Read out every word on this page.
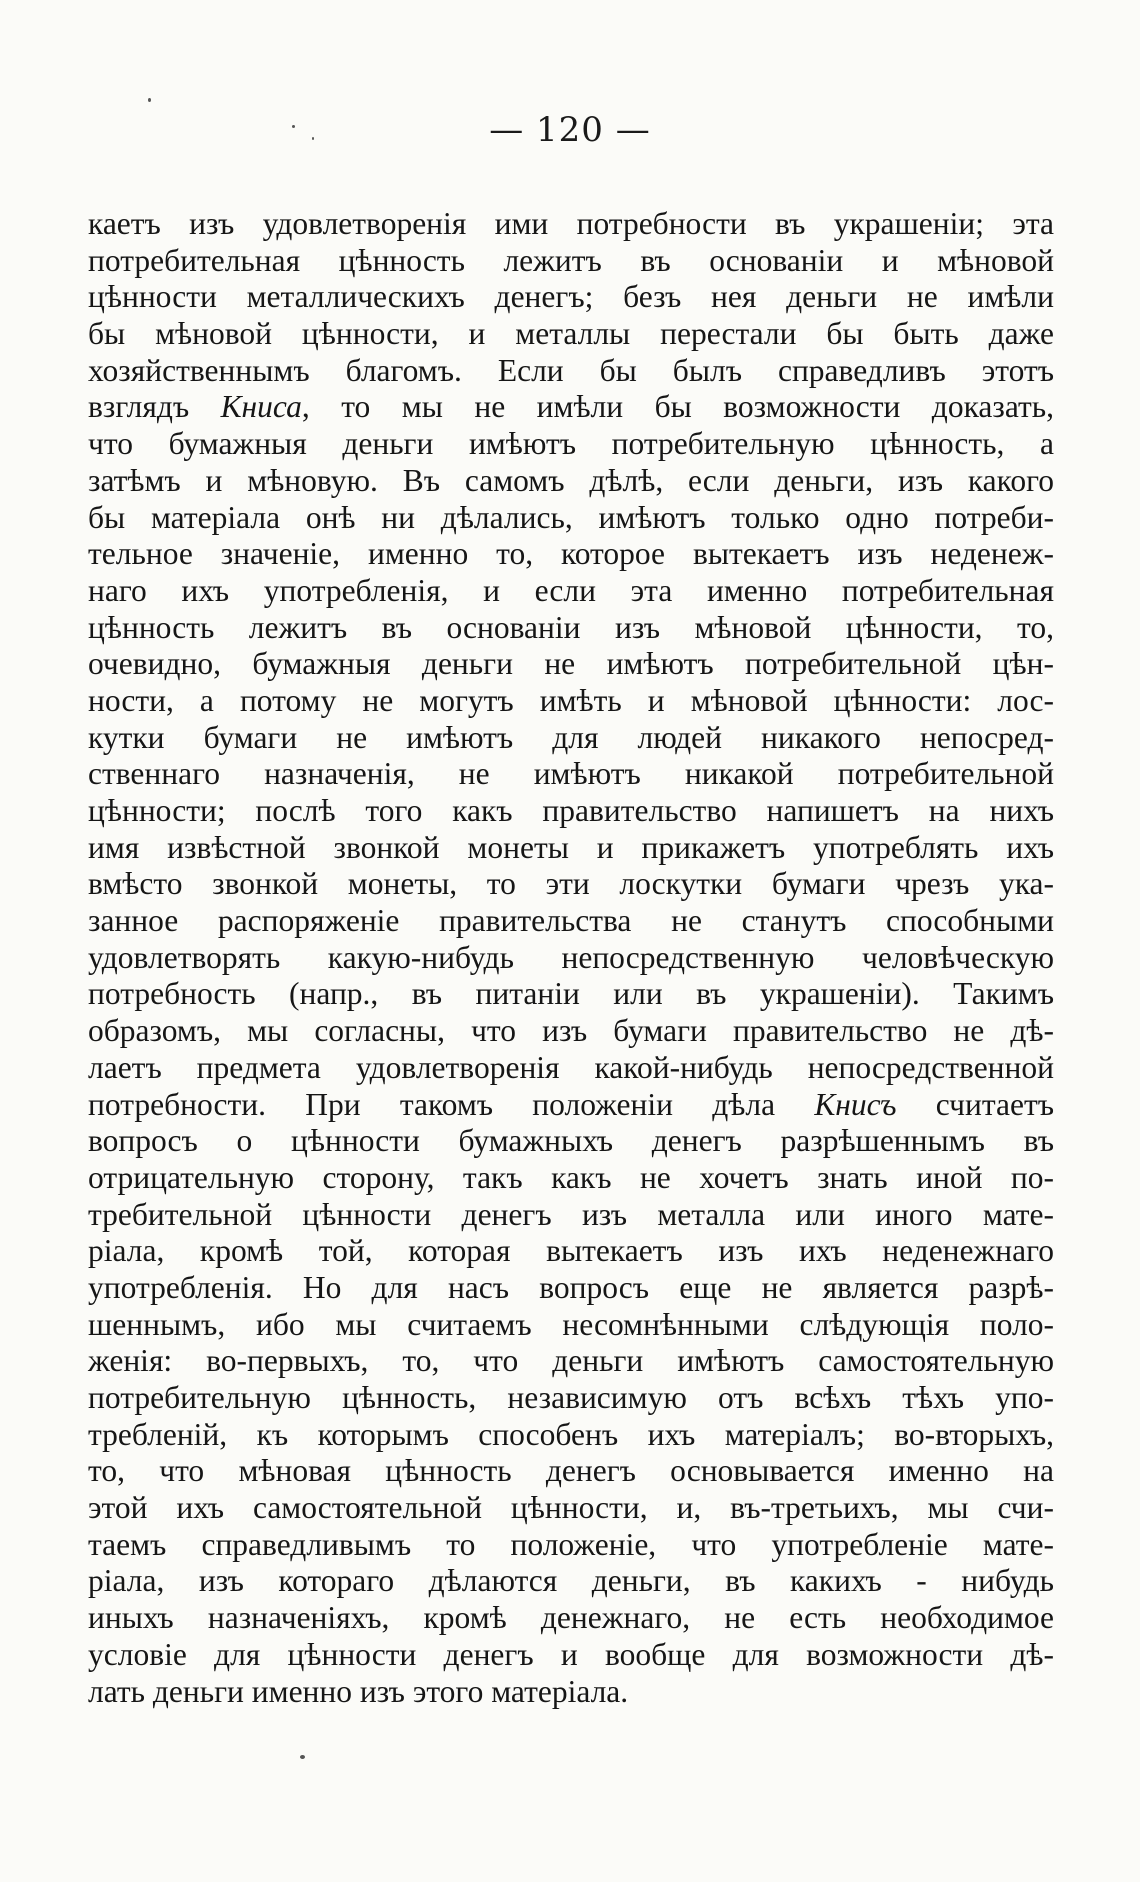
— 120 —
каетъ изъ удовлетворенія ими потребности въ украшеніи; эта
потребительная цѣнность лежитъ въ основаніи и мѣновой
цѣнности металлическихъ денегъ; безъ нея деньги не имѣли
бы мѣновой цѣнности, и металлы перестали бы быть даже
хозяйственнымъ благомъ. Если бы былъ справедливъ этотъ
взглядъ Книса, то мы не имѣли бы возможности доказать,
что бумажныя деньги имѣютъ потребительную цѣнность, а
затѣмъ и мѣновую. Въ самомъ дѣлѣ, если деньги, изъ какого
бы матеріала онѣ ни дѣлались, имѣютъ только одно потреби-
тельное значеніе, именно то, которое вытекаетъ изъ неденеж-
наго ихъ употребленія, и если эта именно потребительная
цѣнность лежитъ въ основаніи изъ мѣновой цѣнности, то,
очевидно, бумажныя деньги не имѣютъ потребительной цѣн-
ности, а потому не могутъ имѣть и мѣновой цѣнности: лос-
кутки бумаги не имѣютъ для людей никакого непосред-
ственнаго назначенія, не имѣютъ никакой потребительной
цѣнности; послѣ того какъ правительство напишетъ на нихъ
имя извѣстной звонкой монеты и прикажетъ употреблять ихъ
вмѣсто звонкой монеты, то эти лоскутки бумаги чрезъ ука-
занное распоряженіе правительства не станутъ способными
удовлетворять какую-нибудь непосредственную человѣческую
потребность (напр., въ питаніи или въ украшеніи). Такимъ
образомъ, мы согласны, что изъ бумаги правительство не дѣ-
лаетъ предмета удовлетворенія какой-нибудь непосредственной
потребности. При такомъ положеніи дѣла Книсъ считаетъ
вопросъ о цѣнности бумажныхъ денегъ разрѣшеннымъ въ
отрицательную сторону, такъ какъ не хочетъ знать иной по-
требительной цѣнности денегъ изъ металла или иного мате-
ріала, кромѣ той, которая вытекаетъ изъ ихъ неденежнаго
употребленія. Но для насъ вопросъ еще не является разрѣ-
шеннымъ, ибо мы считаемъ несомнѣнными слѣдующія поло-
женія: во-первыхъ, то, что деньги имѣютъ самостоятельную
потребительную цѣнность, независимую отъ всѣхъ тѣхъ упо-
требленій, къ которымъ способенъ ихъ матеріалъ; во-вторыхъ,
то, что мѣновая цѣнность денегъ основывается именно на
этой ихъ самостоятельной цѣнности, и, въ-третьихъ, мы счи-
таемъ справедливымъ то положеніе, что употребленіе мате-
ріала, изъ котораго дѣлаются деньги, въ какихъ - нибудь
иныхъ назначеніяхъ, кромѣ денежнаго, не есть необходимое
условіе для цѣнности денегъ и вообще для возможности дѣ-
лать деньги именно изъ этого матеріала.
